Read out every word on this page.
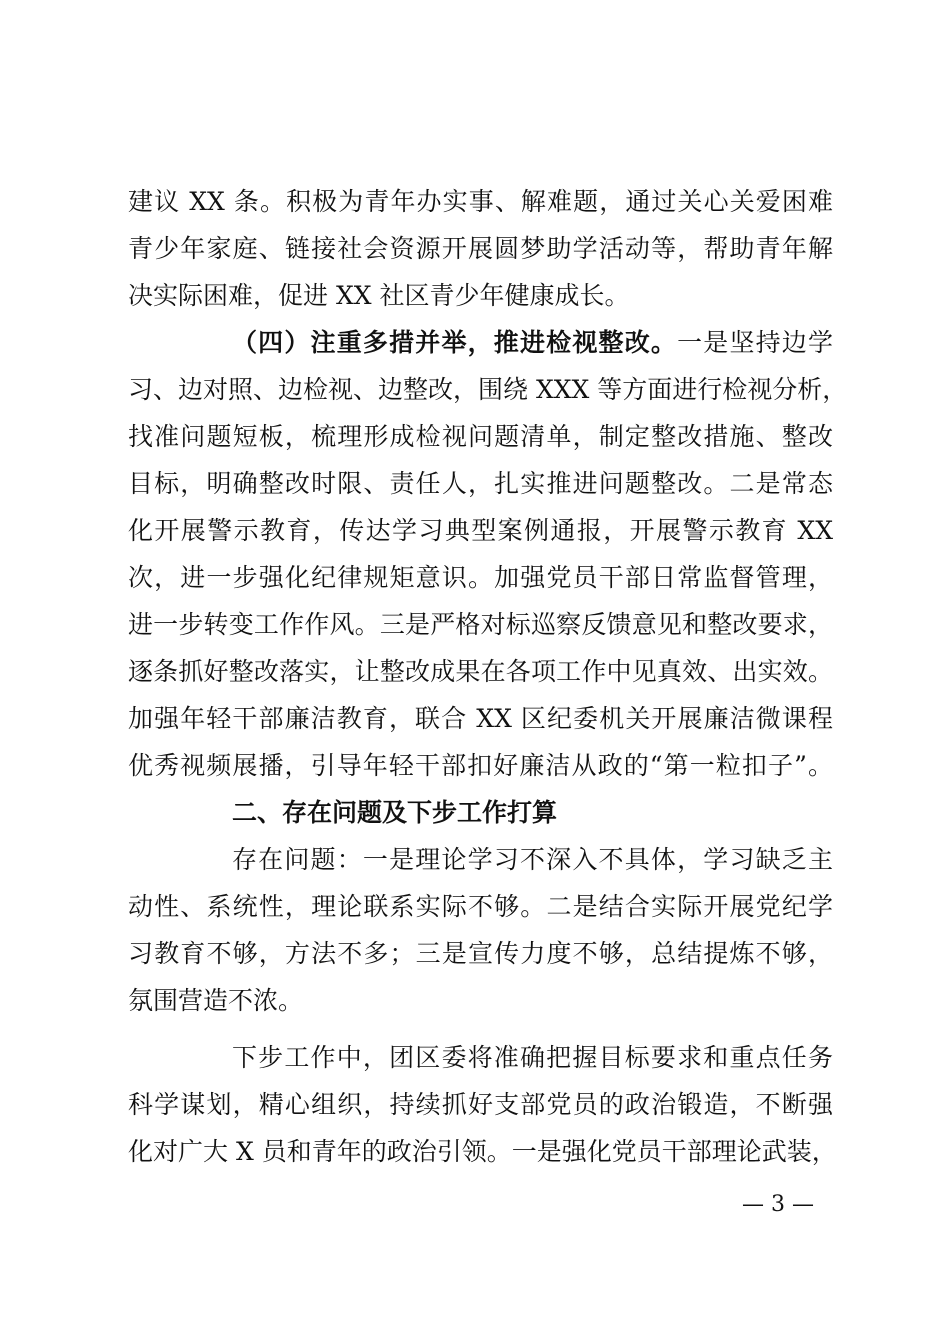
建议 XX 条。积极为青年办实事、解难题，通过关心关爱困难
青少年家庭、链接社会资源开展圆梦助学活动等，帮助青年解
决实际困难，促进 XX 社区青少年健康成长。
（四）注重多措并举，推进检视整改。一是坚持边学
习、边对照、边检视、边整改，围绕 XXX 等方面进行检视分析，
找准问题短板，梳理形成检视问题清单，制定整改措施、整改
目标，明确整改时限、责任人，扎实推进问题整改。二是常态
化开展警示教育，传达学习典型案例通报，开展警示教育 XX
次，进一步强化纪律规矩意识。加强党员干部日常监督管理，
进一步转变工作作风。三是严格对标巡察反馈意见和整改要求，
逐条抓好整改落实，让整改成果在各项工作中见真效、出实效。
加强年轻干部廉洁教育，联合 XX 区纪委机关开展廉洁微课程
优秀视频展播，引导年轻干部扣好廉洁从政的“第一粒扣子”。
二、存在问题及下步工作打算
存在问题：一是理论学习不深入不具体，学习缺乏主
动性、系统性，理论联系实际不够。二是结合实际开展党纪学
习教育不够，方法不多；三是宣传力度不够，总结提炼不够，
氛围营造不浓。
下步工作中，团区委将准确把握目标要求和重点任务
科学谋划，精心组织，持续抓好支部党员的政治锻造，不断强
化对广大 X 员和青年的政治引领。一是强化党员干部理论武装，
— 3 —
